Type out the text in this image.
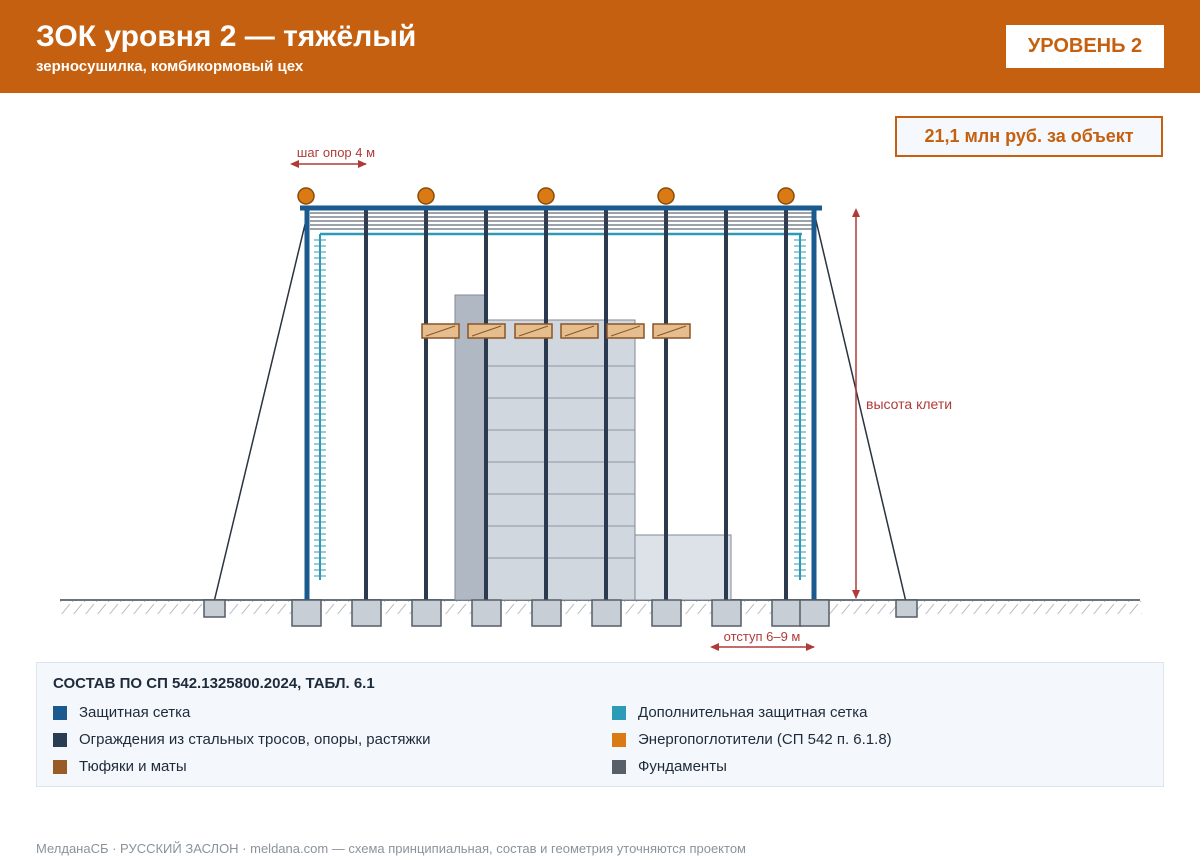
ЗОК уровня 2 — тяжёлый
зерносушилка, комбикормовый цех
УРОВЕНЬ 2
21,1 млн руб. за объект
шаг опор 4 м
высота клети
отступ 6–9 м
СОСТАВ ПО СП 542.1325800.2024, ТАБЛ. 6.1
Защитная сетка
Ограждения из стальных тросов, опоры, растяжки
Тюфяки и маты
Дополнительная защитная сетка
Энергопоглотители (СП 542 п. 6.1.8)
Фундаменты
МелданаСБ · РУССКИЙ ЗАСЛОН · meldana.com — схема принципиальная, состав и геометрия уточняются проектом
